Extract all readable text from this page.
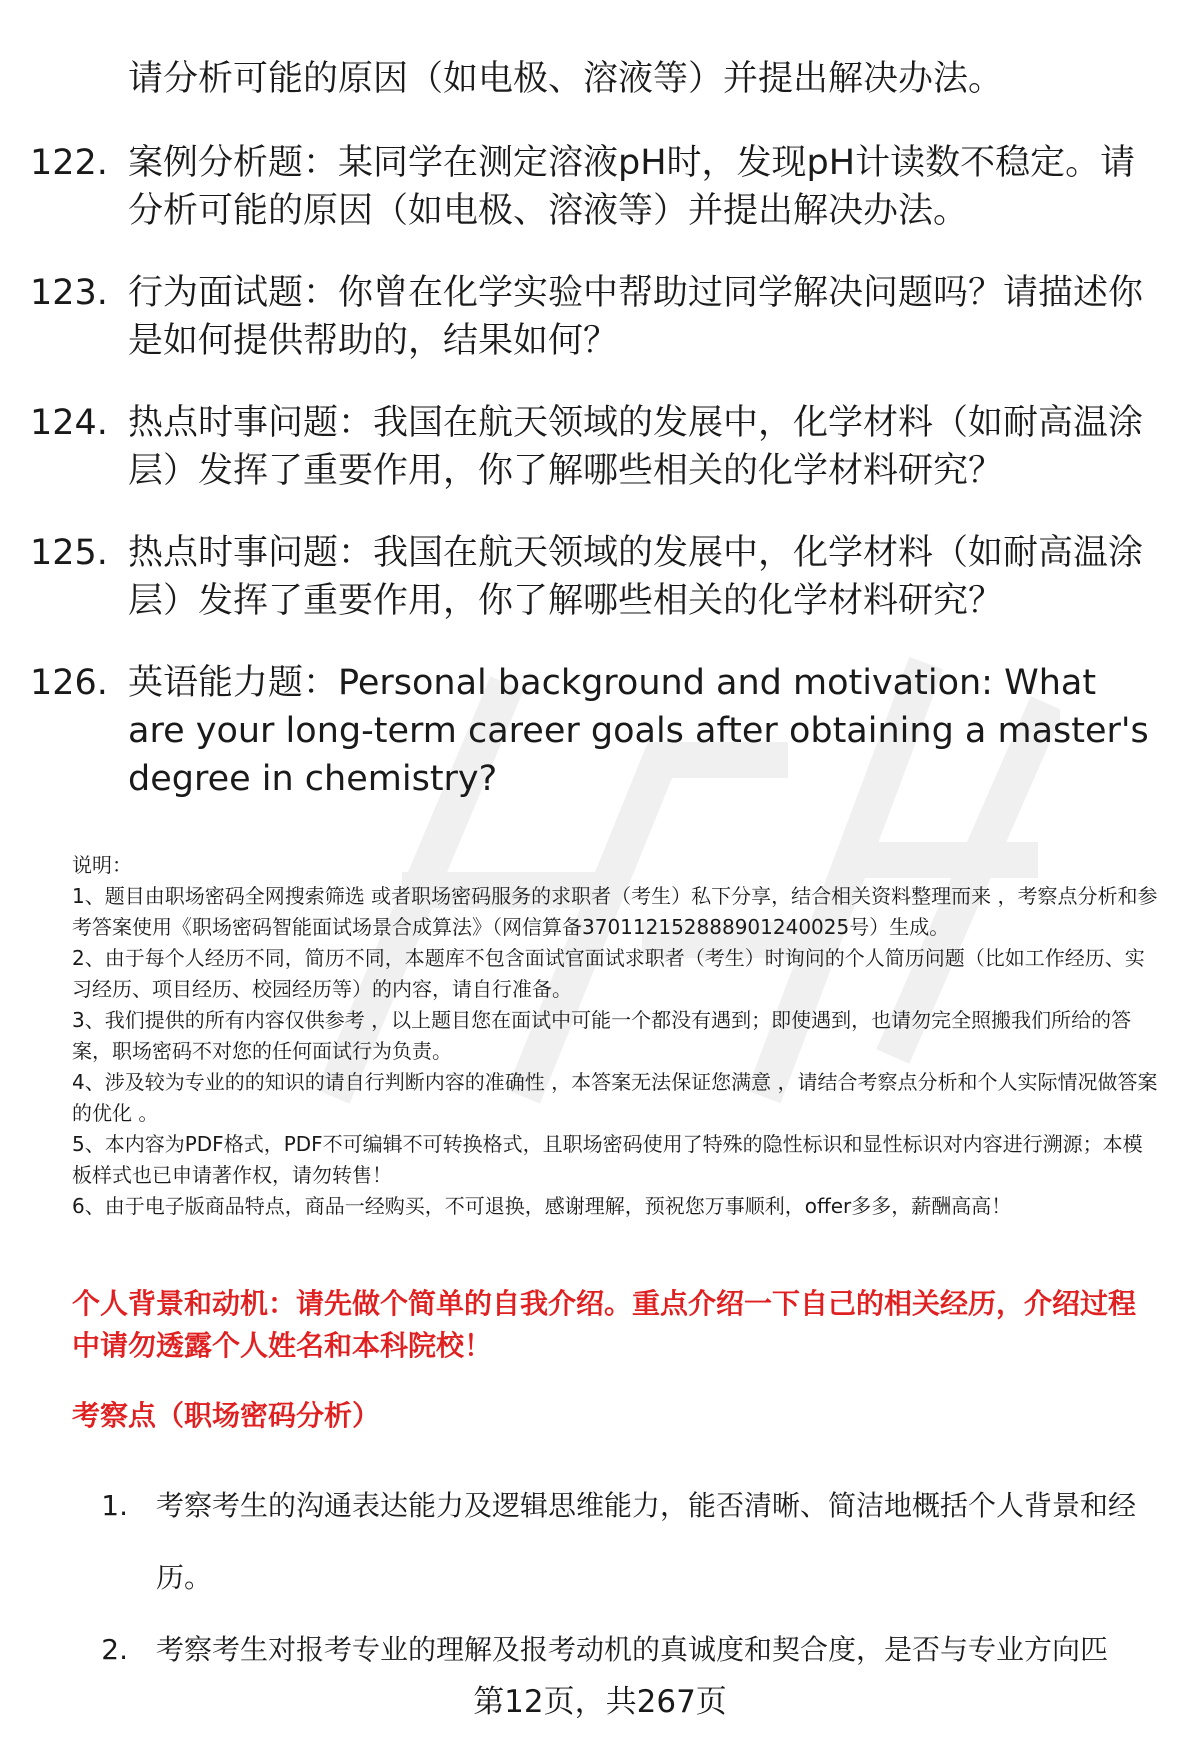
请分析可能的原因（如电极、溶液等）并提出解决办法。
122. 案例分析题：某同学在测定溶液pH时，发现pH计读数不稳定。请分析可能的原因（如电极、溶液等）并提出解决办法。
123. 行为面试题：你曾在化学实验中帮助过同学解决问题吗？请描述你是如何提供帮助的，结果如何？
124. 热点时事问题：我国在航天领域的发展中，化学材料（如耐高温涂层）发挥了重要作用，你了解哪些相关的化学材料研究？
125. 热点时事问题：我国在航天领域的发展中，化学材料（如耐高温涂层）发挥了重要作用，你了解哪些相关的化学材料研究？
126. 英语能力题：Personal background and motivation: What are your long-term career goals after obtaining a master's degree in chemistry?

说明：

1、题目由职场密码全网搜索筛选 或者职场密码服务的求职者（考生）私下分享，结合相关资料整理而来 ，考察点分析和参考答案使用《职场密码智能面试场景合成算法》（网信算备370112152888901240025号）生成。

2、由于每个人经历不同，简历不同，本题库不包含面试官面试求职者（考生）时询问的个人简历问题（比如工作经历、实习经历、项目经历、校园经历等）的内容，请自行准备。

3、我们提供的所有内容仅供参考 ，以上题目您在面试中可能一个都没有遇到；即使遇到，也请勿完全照搬我们所给的答案，职场密码不对您的任何面试行为负责。

4、涉及较为专业的的知识的请自行判断内容的准确性 ，本答案无法保证您满意 ，请结合考察点分析和个人实际情况做答案的优化 。

5、本内容为PDF格式，PDF不可编辑不可转换格式，且职场密码使用了特殊的隐性标识和显性标识对内容进行溯源；本模板样式也已申请著作权，请勿转售！

6、由于电子版商品特点，商品一经购买，不可退换，感谢理解，预祝您万事顺利，offer多多，薪酬高高！

个人背景和动机：请先做个简单的自我介绍。重点介绍一下自己的相关经历，介绍过程中请勿透露个人姓名和本科院校！
考察点（职场密码分析）
1.	考察考生的沟通表达能力及逻辑思维能力，能否清晰、简洁地概括个人背景和经历。
2.	考察考生对报考专业的理解及报考动机的真诚度和契合度，是否与专业方向匹
第12页，共267页
